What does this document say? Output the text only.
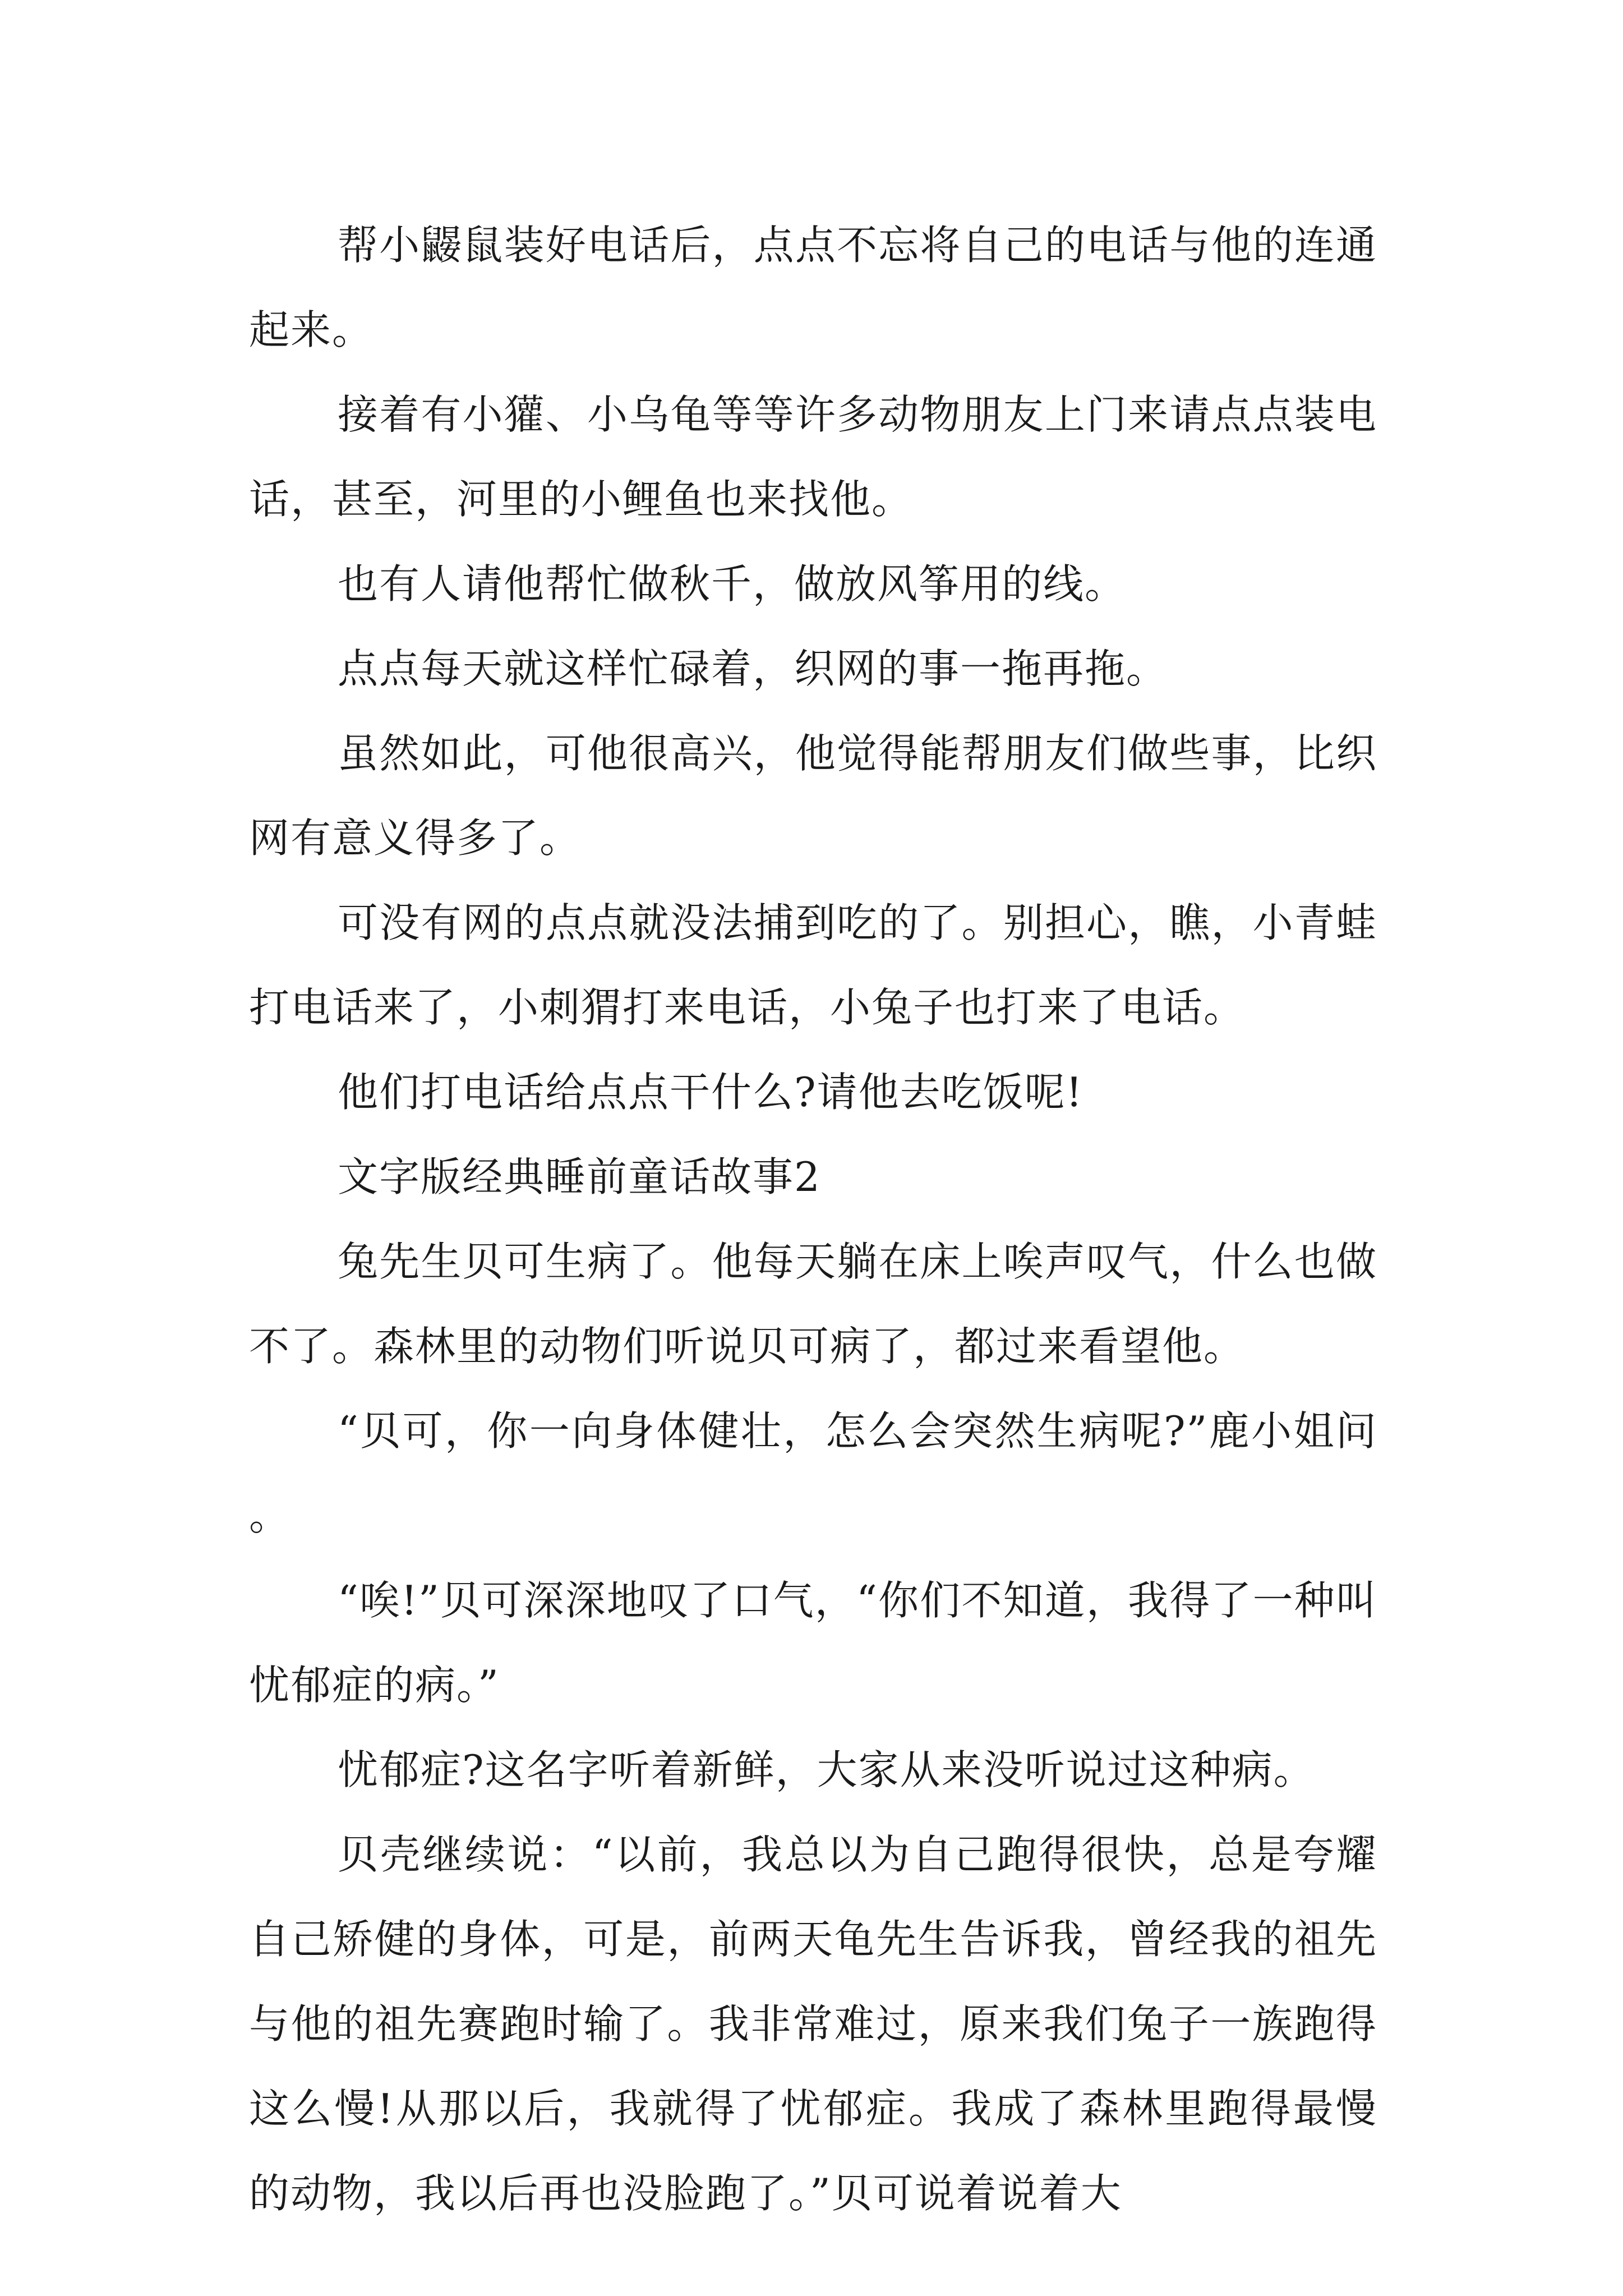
帮小鼹鼠装好电话后，点点不忘将自己的电话与他的连通起来。

接着有小獾、小乌龟等等许多动物朋友上门来请点点装电话，甚至，河里的小鲤鱼也来找他。

也有人请他帮忙做秋千，做放风筝用的线。

点点每天就这样忙碌着，织网的事一拖再拖。

虽然如此，可他很高兴，他觉得能帮朋友们做些事，比织网有意义得多了。

可没有网的点点就没法捕到吃的了。别担心，瞧，小青蛙打电话来了，小刺猬打来电话，小兔子也打来了电话。

他们打电话给点点干什么?请他去吃饭呢!

文字版经典睡前童话故事2

兔先生贝可生病了。他每天躺在床上唉声叹气，什么也做不了。森林里的动物们听说贝可病了，都过来看望他。

“贝可，你一向身体健壮，怎么会突然生病呢?”鹿小姐问。

“唉!”贝可深深地叹了口气，“你们不知道，我得了一种叫忧郁症的病。”

忧郁症?这名字听着新鲜，大家从来没听说过这种病。

贝壳继续说：“以前，我总以为自己跑得很快，总是夸耀自己矫健的身体，可是，前两天龟先生告诉我，曾经我的祖先与他的祖先赛跑时输了。我非常难过，原来我们兔子一族跑得这么慢!从那以后，我就得了忧郁症。我成了森林里跑得最慢的动物，我以后再也没脸跑了。”贝可说着说着大
